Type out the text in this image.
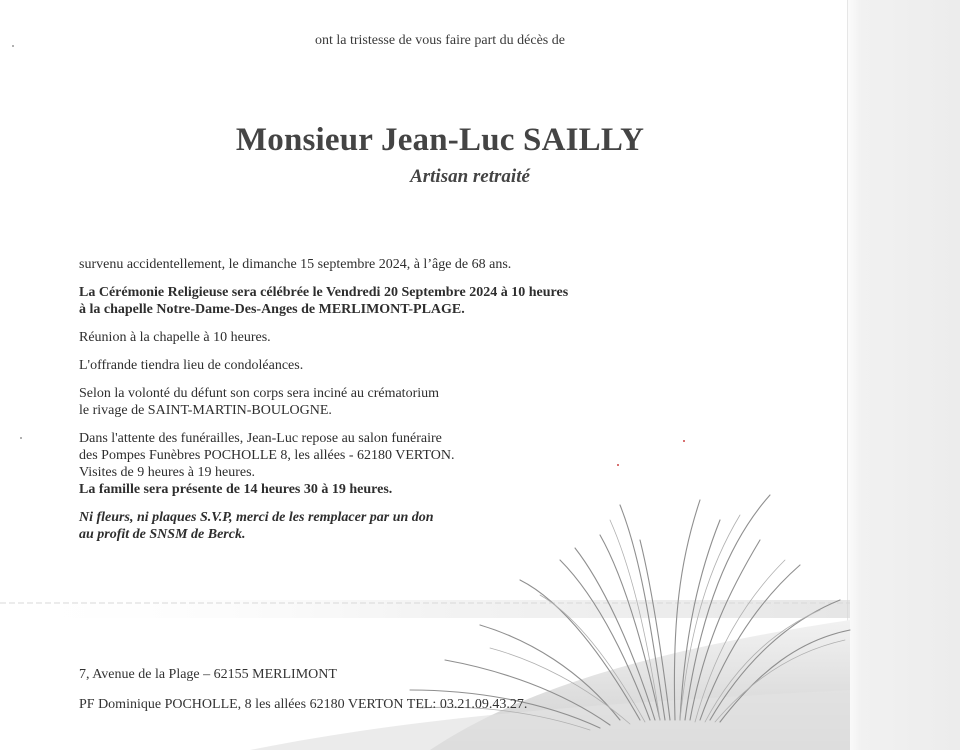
ont la tristesse de vous faire part du décès de
Monsieur Jean-Luc SAILLY
Artisan retraité

survenu accidentellement, le dimanche 15 septembre 2024, à l’âge de 68 ans.

La Cérémonie Religieuse sera célébrée le Vendredi 20 Septembre 2024 à 10 heures

à la chapelle Notre-Dame-Des-Anges de MERLIMONT-PLAGE.

Réunion à la chapelle à 10 heures.

L'offrande tiendra lieu de condoléances.

Selon la volonté du défunt son corps sera inciné au crématorium

le rivage de SAINT-MARTIN-BOULOGNE.

Dans l'attente des funérailles, Jean-Luc repose au salon funéraire

des Pompes Funèbres POCHOLLE 8, les allées - 62180 VERTON.

Visites de 9 heures à 19 heures.

La famille sera présente de 14 heures 30 à 19 heures.

Ni fleurs, ni plaques S.V.P, merci de les remplacer par un don

au profit de SNSM de Berck.

7, Avenue de la Plage – 62155 MERLIMONT
PF Dominique POCHOLLE, 8 les allées 62180 VERTON TEL: 03.21.09.43.27.
